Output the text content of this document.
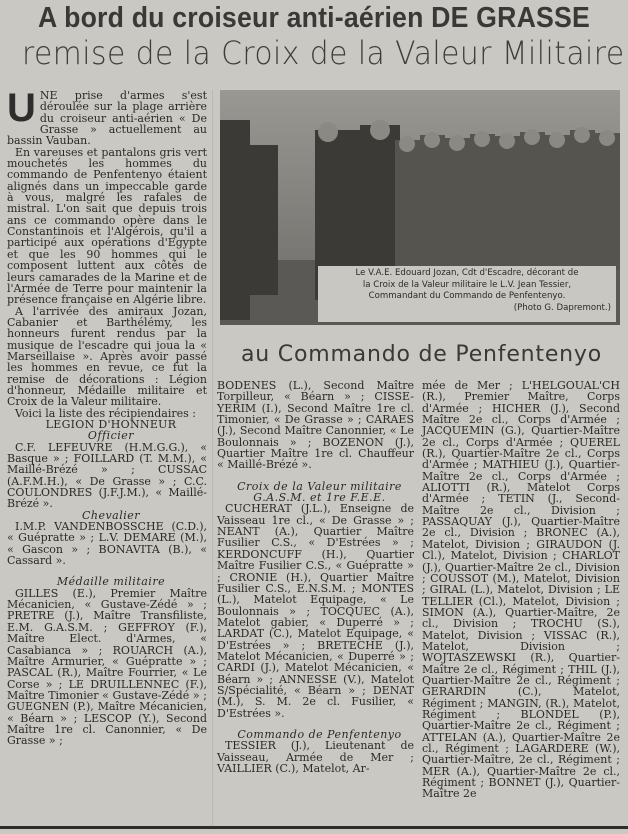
A bord du croiseur anti-aérien DE GRASSE
remise de la Croix de la Valeur Militaire

UNE prise d'armes s'est déroulée sur la plage arrière du croiseur anti-aérien « De Grasse » actuellement au bassin Vauban.

En vareuses et pantalons gris vert mouchetés les hommes du commando de Penfentenyo étaient alignés dans un impeccable garde à vous, malgré les rafales de mistral. L'on sait que depuis trois ans ce commando opère dans le Constantinois et l'Algérois, qu'il a participé aux opérations d'Egypte et que les 90 hommes qui le composent luttent aux côtés de leurs camarades de la Marine et de l'Armée de Terre pour maintenir la présence française en Algérie libre.

A l'arrivée des amiraux Jozan, Cabanier et Barthélémy, les honneurs furent rendus par la musique de l'escadre qui joua la « Marseillaise ». Après avoir passé les hommes en revue, ce fut la remise de décorations : Légion d'honneur, Médaille militaire et Croix de la Valeur militaire.

Voici la liste des récipiendaires :

LEGION D'HONNEUR

Officier

C.F. LEFEUVRE (H.M.G.G.), « Basque » ; FOILLARD (T. M.M.), « Maillé-Brézé » ; CUSSAC (A.F.M.H.), « De Grasse » ; C.C. COULONDRES (J.F.J.M.), « Maillé-Brézé ».

Chevalier

I.M.P. VANDENBOSSCHE (C.D.), « Guépratte » ; L.V. DEMARE (M.), « Gascon » ; BONAVITA (B.), « Cassard ».

Médaille militaire

GILLES (E.), Premier Maître Mécanicien, « Gustave-Zédé » ; PRETRE (J.), Maître Transfiliste, E.M. G.A.S.M. ; GEFFROY (F.), Maître Elect. d'Armes, « Casabianca » ; ROUARCH (A.), Maître Armurier, « Guépratte » ; PASCAL (R.), Maître Fourrier, « Le Corse » ; LE DRUILLENNEC (F.), Maître Timonier « Gustave-Zédé » ; GUEGNEN (P.), Maître Mécanicien, « Béarn » ; LESCOP (Y.), Second Maître 1re cl. Canonnier, « De Grasse » ;

Le V.A.E. Edouard Jozan, Cdt d'Escadre, décorant de
la Croix de la Valeur militaire le L.V. Jean Tessier,
Commandant du Commando de Penfentenyo.
(Photo G. Dapremont.)
au Commando de Penfentenyo

BODENES (L.), Second Maître Torpilleur, « Béarn » ; CISSE-YERIM (I.), Second Maître 1re cl. Timonier, « De Grasse » ; CARAES (J.), Second Maître Canonnier, « Le Boulonnais » ; BOZENON (J.), Quartier Maître 1re cl. Chauffeur « Maillé-Brézé ».

Croix de la Valeur militaire

G.A.S.M. et 1re F.E.E.

CUCHERAT (J.L.), Enseigne de Vaisseau 1re cl., « De Grasse » ; NEANT (A.), Quartier Maître Fusilier C.S., « D'Estrées » ; KERDONCUFF (H.), Quartier Maître Fusilier C.S., « Guépratte » ; CRONIE (H.), Quartier Maître Fusilier C.S., E.N.S.M. ; MONTES (L.), Matelot Equipage, « Le Boulonnais » ; TOCQUEC (A.), Matelot gabier, « Duperré » ; LARDAT (C.), Matelot Equipage, « D'Estrées » ; BRETECHE (J.), Matelot Mécanicien, « Duperré » ; CARDI (J.), Matelot Mécanicien, « Béarn » ; ANNESSE (V.), Matelot S/Spécialité, « Béarn » ; DENAT (M.), S. M. 2e cl. Fusilier, « D'Estrées ».

Commando de Penfentenyo

TESSIER (J.), Lieutenant de Vaisseau, Armée de Mer ; VAILLIER (C.), Matelot, Ar-

mée de Mer ; L'HELGOUAL'CH (R.), Premier Maître, Corps d'Armée ; HICHER (J.), Second Maître 2e cl., Corps d'Armée ; JACQUEMIN (G.), Quartier-Maître 2e cl., Corps d'Armée ; QUEREL (R.), Quartier-Maître 2e cl., Corps d'Armée ; MATHIEU (J.), Quartier-Maître 2e cl., Corps d'Armée ; ALIOTTI (R.), Matelot Corps d'Armée ; TETIN (J., Second-Maître 2e cl., Division ; PASSAQUAY (J.), Quartier-Maître 2e cl., Division ; BRONEC (A.), Matelot, Division ; GIRAUDON (J. Cl.), Matelot, Division ; CHARLOT (J.), Quartier-Maître 2e cl., Division ; COUSSOT (M.), Matelot, Division ; GIRAL (L.), Matelot, Division ; LE TELLIER (Cl.), Matelot, Division ; SIMON (A.), Quartier-Maître, 2e cl., Division ; TROCHU (S.), Matelot, Division ; VISSAC (R.), Matelot, Division ; WOJTASZEWSKI (R.), Quartier-Maître 2e cl., Régiment ; THIL (J.), Quartier-Maître 2e cl., Régiment ; GERARDIN (C.), Matelot, Régiment ; MANGIN, (R.), Matelot, Régiment ; BLONDEL (P.), Quartier-Maître 2e cl., Régiment ; ATTELAN (A.), Quartier-Maître 2e cl., Régiment ; LAGARDERE (W.), Quartier-Maître, 2e cl., Régiment ; MER (A.), Quartier-Maître 2e cl., Régiment ; BONNET (J.), Quartier-Maître 2e
